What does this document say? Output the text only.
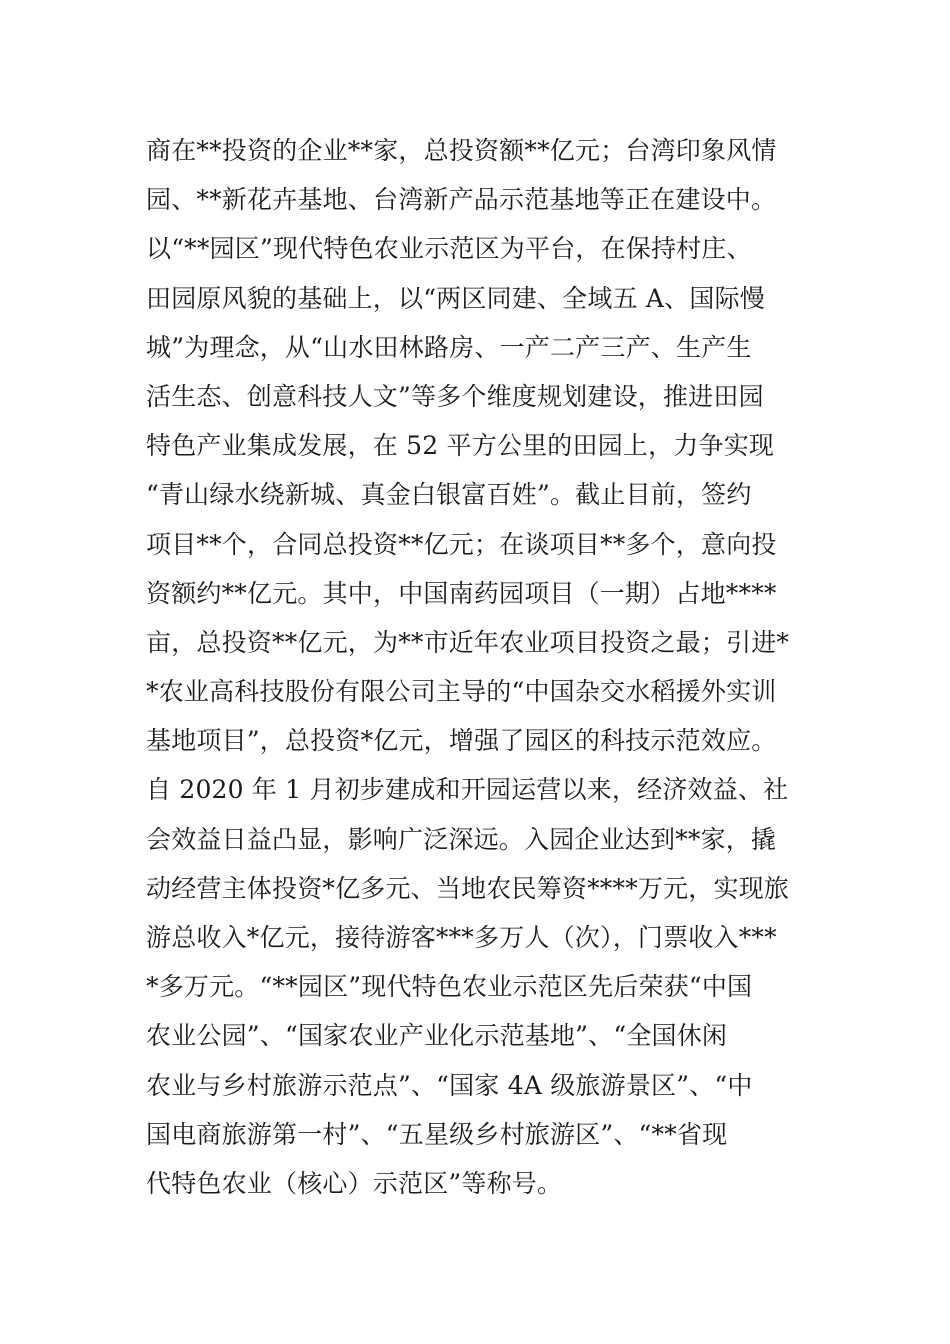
商在**投资的企业**家，总投资额**亿元；台湾印象风情
园、**新花卉基地、台湾新产品示范基地等正在建设中。
以“**园区”现代特色农业示范区为平台，在保持村庄、
田园原风貌的基础上，以“两区同建、全域五 A、国际慢
城”为理念，从“山水田林路房、一产二产三产、生产生
活生态、创意科技人文”等多个维度规划建设，推进田园
特色产业集成发展，在 52 平方公里的田园上，力争实现
“青山绿水绕新城、真金白银富百姓”。截止目前，签约
项目**个，合同总投资**亿元；在谈项目**多个，意向投
资额约**亿元。其中，中国南药园项目（一期）占地****
亩，总投资**亿元，为**市近年农业项目投资之最；引进*
*农业高科技股份有限公司主导的“中国杂交水稻援外实训
基地项目”，总投资*亿元，增强了园区的科技示范效应。
自 2020 年 1 月初步建成和开园运营以来，经济效益、社
会效益日益凸显，影响广泛深远。入园企业达到**家，撬
动经营主体投资*亿多元、当地农民筹资****万元，实现旅
游总收入*亿元，接待游客***多万人（次），门票收入***
*多万元。“**园区”现代特色农业示范区先后荣获“中国
农业公园”、“国家农业产业化示范基地”、“全国休闲
农业与乡村旅游示范点”、“国家 4A 级旅游景区”、“中
国电商旅游第一村”、“五星级乡村旅游区”、“**省现
代特色农业（核心）示范区”等称号。
